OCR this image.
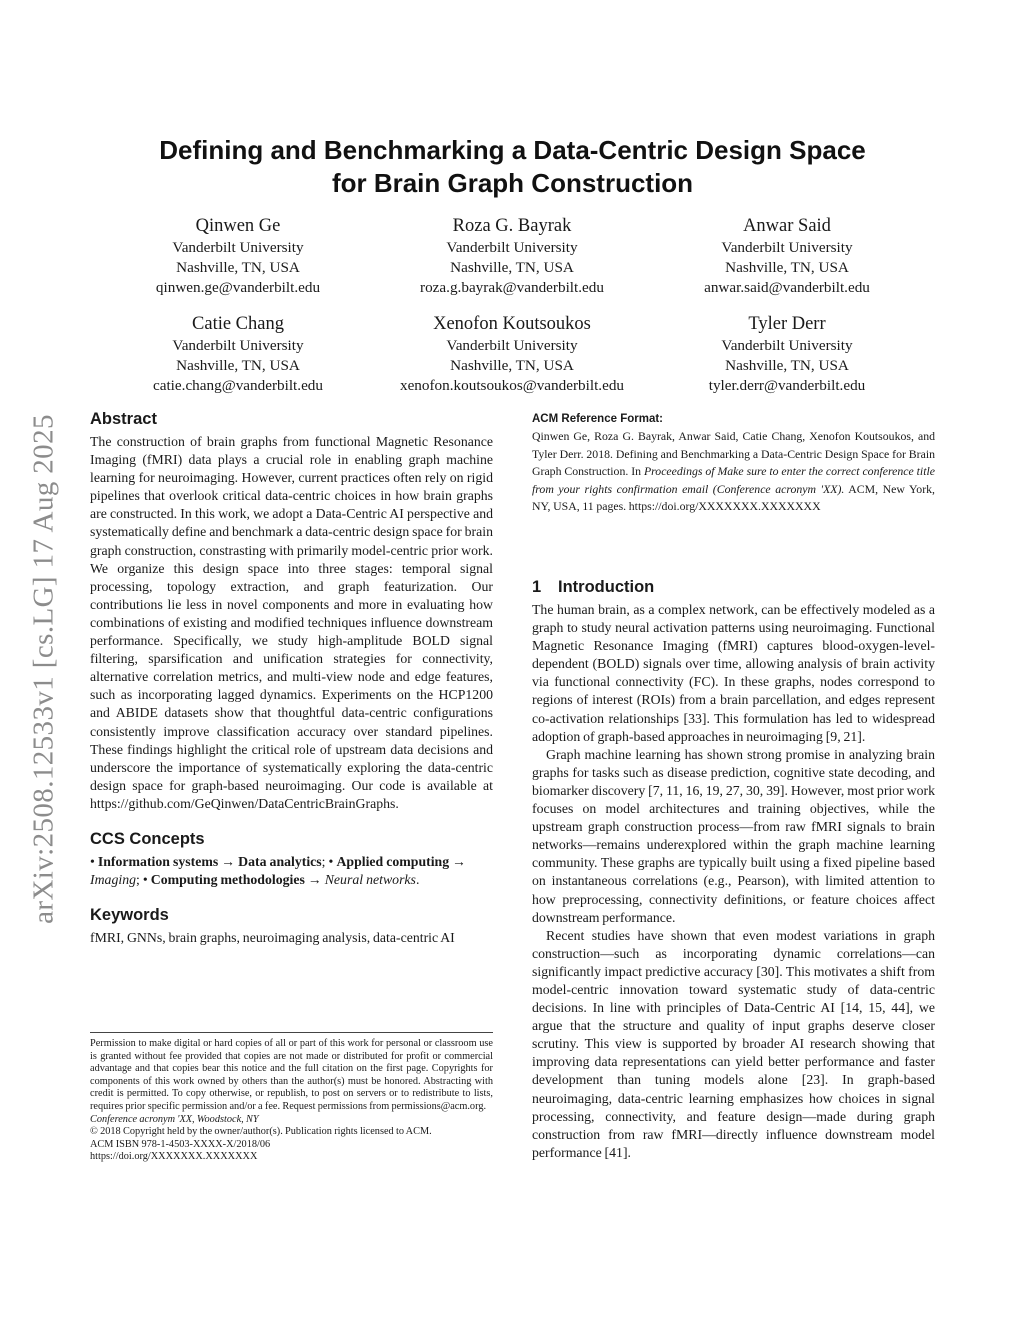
arXiv:2508.12533v1 [cs.LG] 17 Aug 2025
Defining and Benchmarking a Data-Centric Design Space
for Brain Graph Construction
Qinwen Ge
Vanderbilt University
Nashville, TN, USA
qinwen.ge@vanderbilt.edu
Roza G. Bayrak
Vanderbilt University
Nashville, TN, USA
roza.g.bayrak@vanderbilt.edu
Anwar Said
Vanderbilt University
Nashville, TN, USA
anwar.said@vanderbilt.edu
Catie Chang
Vanderbilt University
Nashville, TN, USA
catie.chang@vanderbilt.edu
Xenofon Koutsoukos
Vanderbilt University
Nashville, TN, USA
xenofon.koutsoukos@vanderbilt.edu
Tyler Derr
Vanderbilt University
Nashville, TN, USA
tyler.derr@vanderbilt.edu
Abstract

The construction of brain graphs from functional Magnetic Resonance Imaging (fMRI) data plays a crucial role in enabling graph machine learning for neuroimaging. However, current practices often rely on rigid pipelines that overlook critical data-centric choices in how brain graphs are constructed. In this work, we adopt a Data-Centric AI perspective and systematically define and benchmark a data-centric design space for brain graph construction, constrasting with primarily model-centric prior work. We organize this design space into three stages: temporal signal processing, topology extraction, and graph featurization. Our contributions lie less in novel components and more in evaluating how combinations of existing and modified techniques influence downstream performance. Specifically, we study high-amplitude BOLD signal filtering, sparsification and unification strategies for connectivity, alternative correlation metrics, and multi-view node and edge features, such as incorporating lagged dynamics. Experiments on the HCP1200 and ABIDE datasets show that thoughtful data-centric configurations consistently improve classification accuracy over standard pipelines. These findings highlight the critical role of upstream data decisions and underscore the importance of systematically exploring the data-centric design space for graph-based neuroimaging. Our code is available at https://github.com/GeQinwen/DataCentricBrainGraphs.

CCS Concepts

• Information systems → Data analytics; • Applied computing → Imaging; • Computing methodologies → Neural networks.

Keywords

fMRI, GNNs, brain graphs, neuroimaging analysis, data-centric AI

Permission to make digital or hard copies of all or part of this work for personal or classroom use is granted without fee provided that copies are not made or distributed for profit or commercial advantage and that copies bear this notice and the full citation on the first page. Copyrights for components of this work owned by others than the author(s) must be honored. Abstracting with credit is permitted. To copy otherwise, or republish, to post on servers or to redistribute to lists, requires prior specific permission and/or a fee. Request permissions from permissions@acm.org.

Conference acronym 'XX, Woodstock, NY

© 2018 Copyright held by the owner/author(s). Publication rights licensed to ACM.

ACM ISBN 978-1-4503-XXXX-X/2018/06

https://doi.org/XXXXXXX.XXXXXXX

ACM Reference Format:

Qinwen Ge, Roza G. Bayrak, Anwar Said, Catie Chang, Xenofon Koutsoukos, and Tyler Derr. 2018. Defining and Benchmarking a Data-Centric Design Space for Brain Graph Construction. In Proceedings of Make sure to enter the correct conference title from your rights confirmation email (Conference acronym 'XX). ACM, New York, NY, USA, 11 pages. https://doi.org/XXXXXXX.XXXXXXX

1 Introduction

The human brain, as a complex network, can be effectively modeled as a graph to study neural activation patterns using neuroimaging. Functional Magnetic Resonance Imaging (fMRI) captures blood-oxygen-level-dependent (BOLD) signals over time, allowing analysis of brain activity via functional connectivity (FC). In these graphs, nodes correspond to regions of interest (ROIs) from a brain parcellation, and edges represent co-activation relationships [33]. This formulation has led to widespread adoption of graph-based approaches in neuroimaging [9, 21].

Graph machine learning has shown strong promise in analyzing brain graphs for tasks such as disease prediction, cognitive state decoding, and biomarker discovery [7, 11, 16, 19, 27, 30, 39]. However, most prior work focuses on model architectures and training objectives, while the upstream graph construction process—from raw fMRI signals to brain networks—remains underexplored within the graph machine learning community. These graphs are typically built using a fixed pipeline based on instantaneous correlations (e.g., Pearson), with limited attention to how preprocessing, connectivity definitions, or feature choices affect downstream performance.

Recent studies have shown that even modest variations in graph construction—such as incorporating dynamic correlations—can significantly impact predictive accuracy [30]. This motivates a shift from model-centric innovation toward systematic study of data-centric decisions. In line with principles of Data-Centric AI [14, 15, 44], we argue that the structure and quality of input graphs deserve closer scrutiny. This view is supported by broader AI research showing that improving data representations can yield better performance and faster development than tuning models alone [23]. In graph-based neuroimaging, data-centric learning emphasizes how choices in signal processing, connectivity, and feature design—made during graph construction from raw fMRI—directly influence downstream model performance [41].
